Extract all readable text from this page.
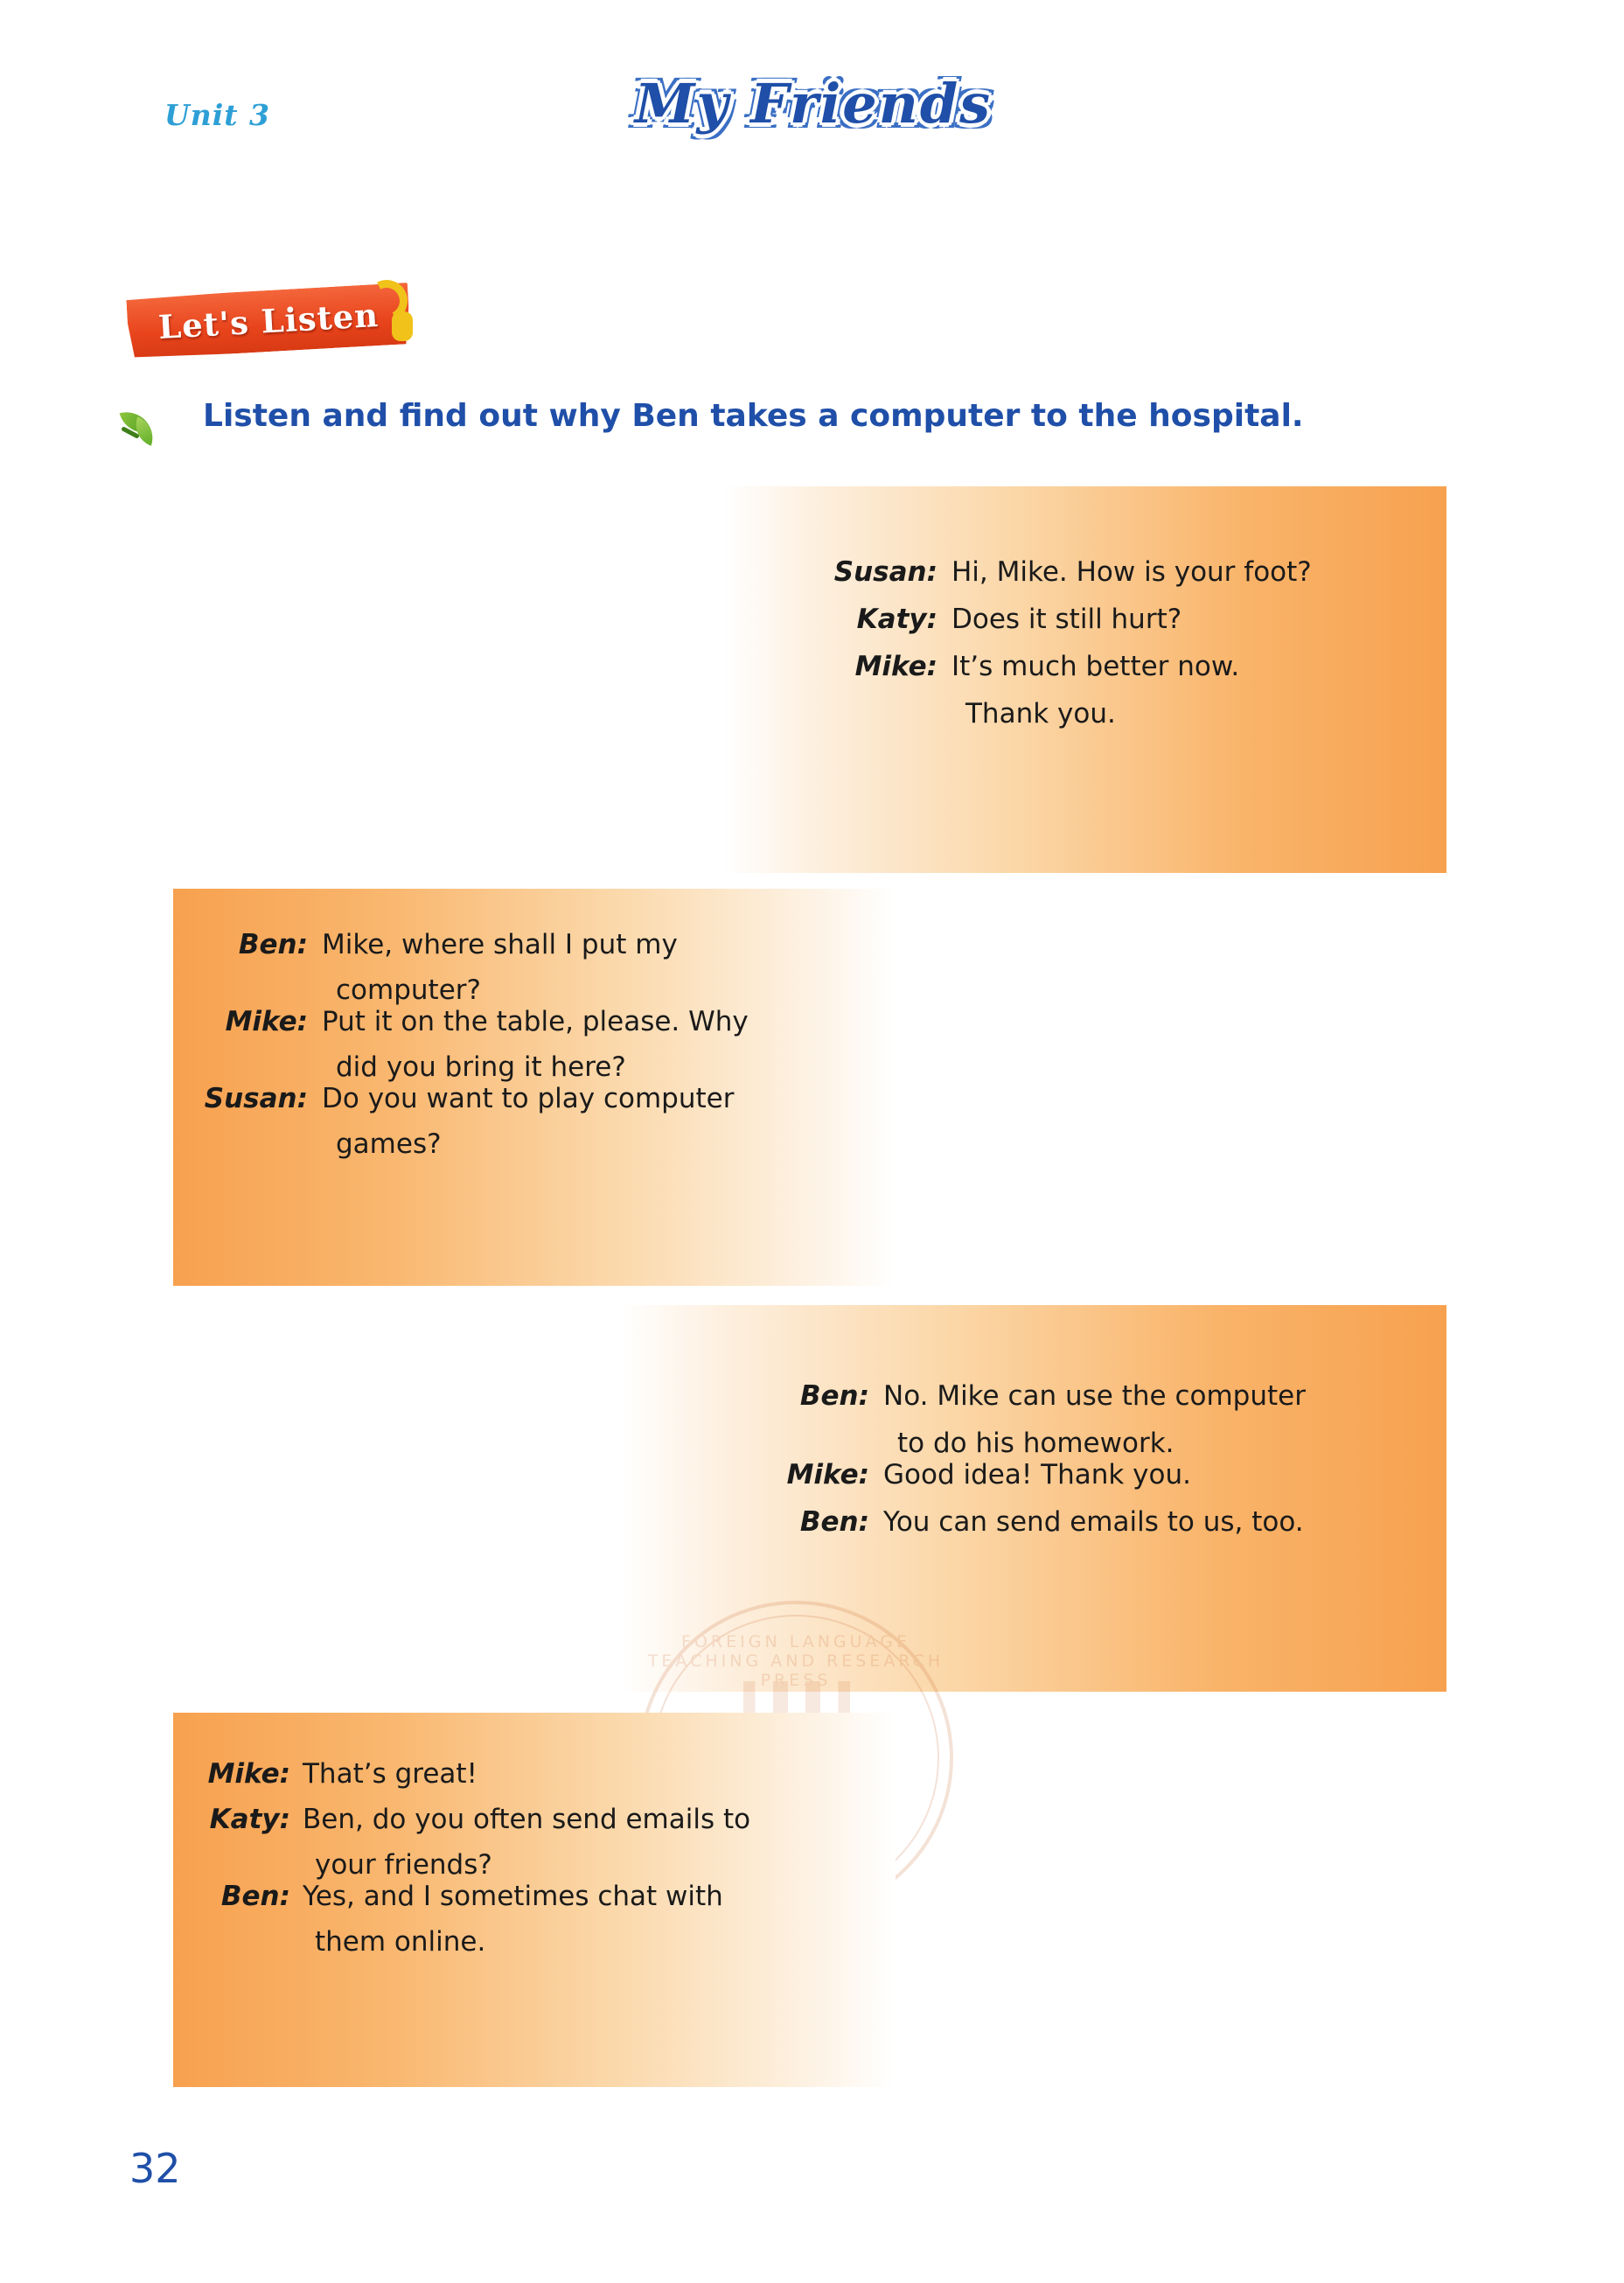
Unit 3	My Friends
Let's Listen
Listen and find out why Ben takes a computer to the hospital.
Susan: Hi, Mike. How is your foot?
Katy: Does it still hurt?
Mike: It’s much better now.
Thank you.
Ben: Mike, where shall I put my
computer?
Mike: Put it on the table, please. Why
did you bring it here?
Susan: Do you want to play computer
games?
Ben: No. Mike can use the computer
to do his homework.
Mike: Good idea! Thank you.
Ben: You can send emails to us, too.
Mike: That’s great!
Katy: Ben, do you often send emails to
your friends?
Ben: Yes, and I sometimes chat with
them online.
32
